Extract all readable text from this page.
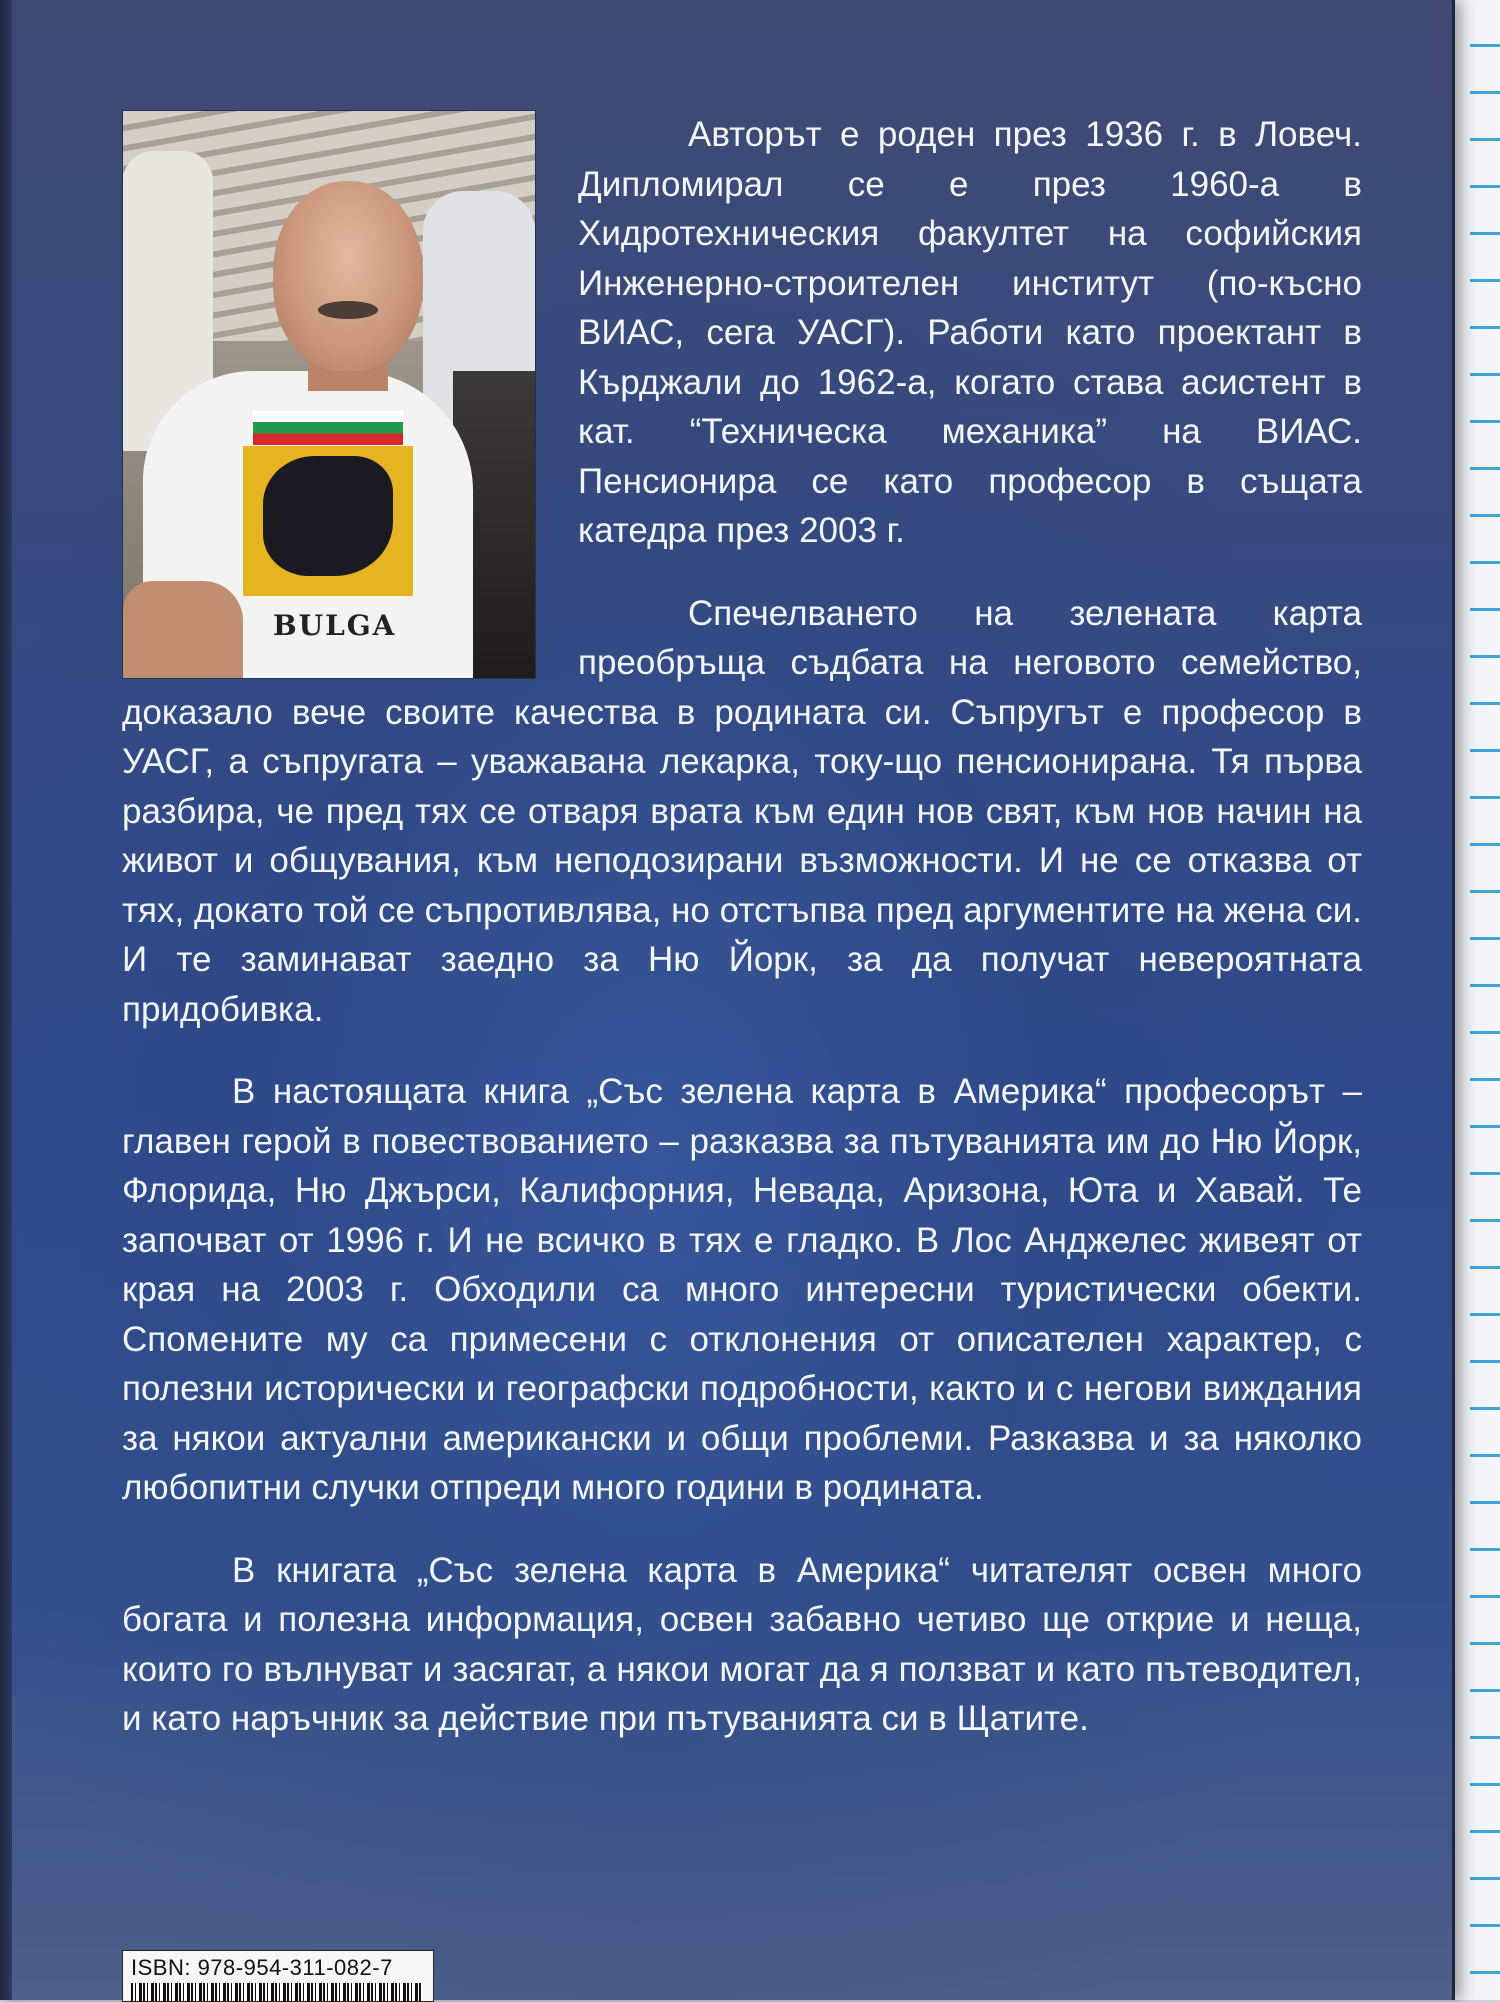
BULGA

Авторът е роден през 1936 г. в Ловеч. Дипломирал се е през 1960-а в Хидротехническия факултет на софийския Инженерно-строителен институт (по-късно ВИАС, сега УАСГ). Работи като проектант в Кърджали до 1962-а, когато става асистент в кат. “Техническа механика” на ВИАС. Пенсионира се като професор в същата катедра през 2003 г.

Спечелването на зелената карта преобръща съдбата на неговото семейство, доказало вече своите качества в родината си. Съпругът е професор в УАСГ, а съпругата – уважавана лекарка, току-що пенсионирана. Тя първа разбира, че пред тях се отваря врата към един нов свят, към нов начин на живот и общувания, към неподозирани възможности. И не се отказва от тях, докато той се съпротивлява, но отстъпва пред аргументите на жена си. И те заминават заедно за Ню Йорк, за да получат невероятната придобивка.

В настоящата книга „Със зелена карта в Америка“ професорът – главен герой в повествованието – разказва за пътуванията им до Ню Йорк, Флорида, Ню Джърси, Калифорния, Невада, Аризона, Юта и Хавай. Те започват от 1996 г. И не всичко в тях е гладко. В Лос Анджелес живеят от края на 2003 г. Обходили са много интересни туристически обекти. Спомените му са примесени с отклонения от описателен характер, с полезни исторически и географски подробности, както и с негови виждания за някои актуални американски и общи проблеми. Разказва и за няколко любопитни случки отпреди много години в родината.

В книгата „Със зелена карта в Америка“ читателят освен много богата и полезна информация, освен забавно четиво ще открие и неща, които го вълнуват и засягат, а някои могат да я ползват и като пътеводител, и като наръчник за действие при пътуванията си в Щатите.

ISBN: 978-954-311-082-7
